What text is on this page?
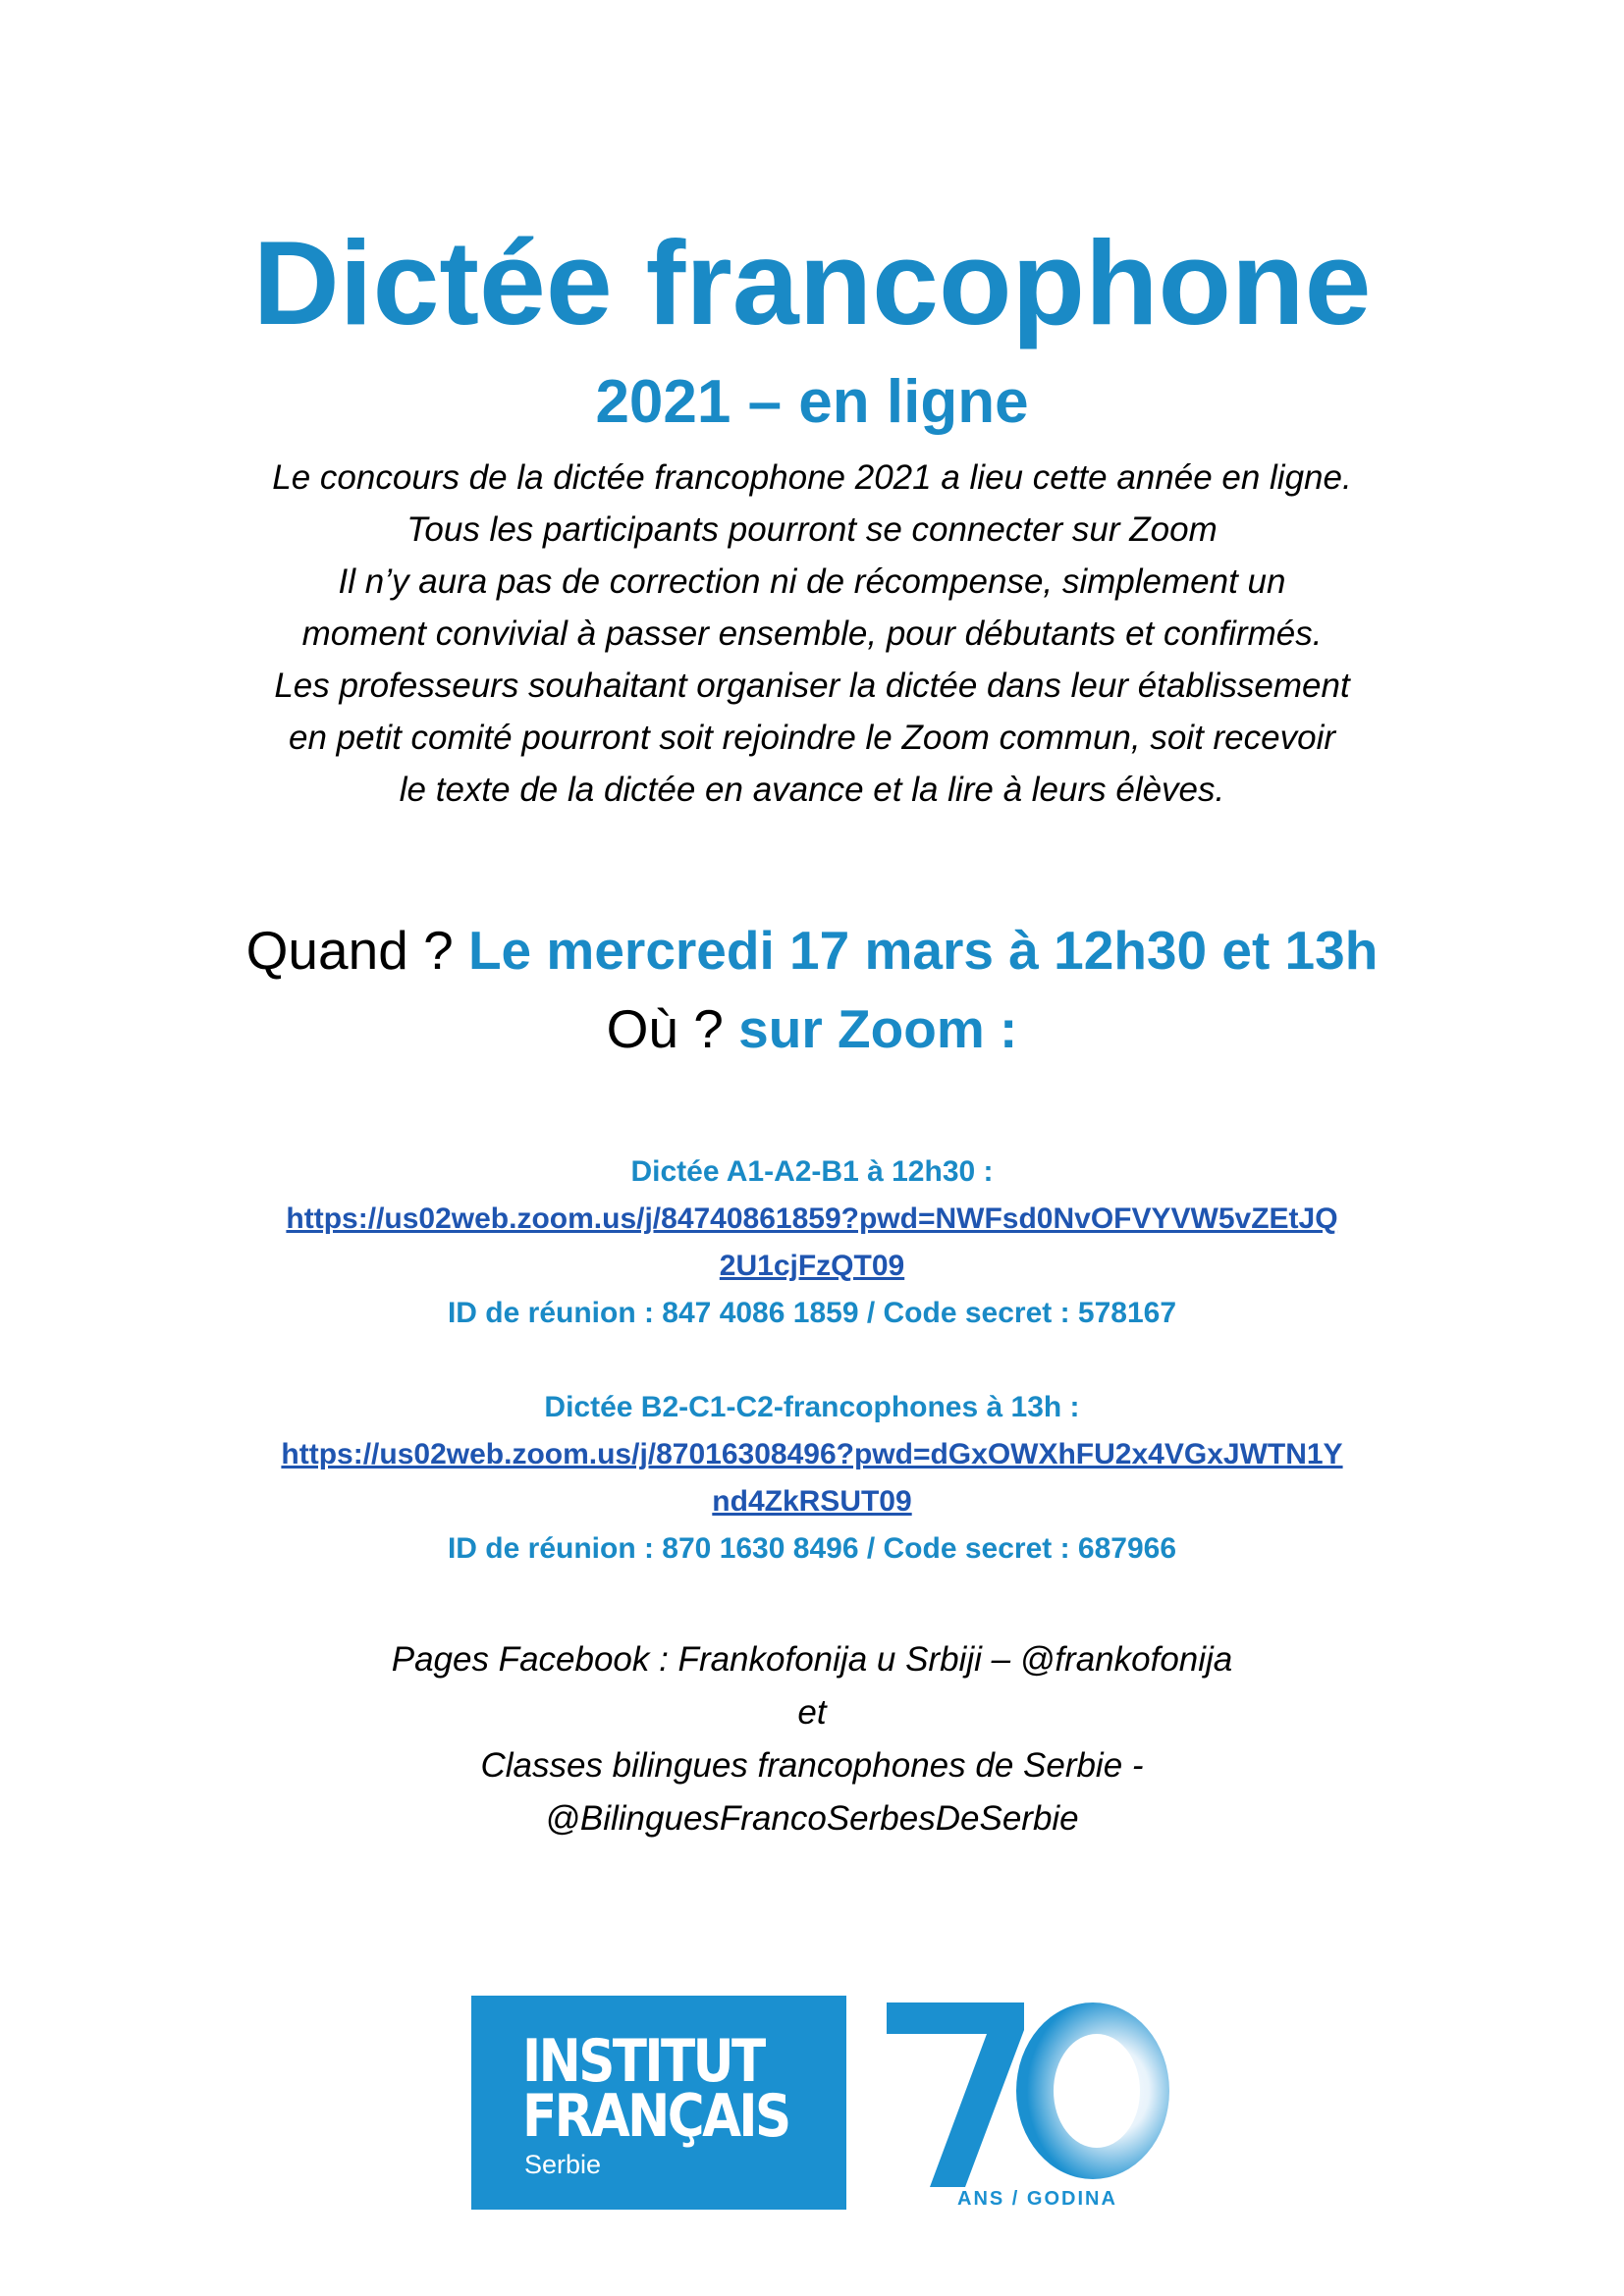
Dictée francophone
2021 – en ligne
Le concours de la dictée francophone 2021 a lieu cette année en ligne.
Tous les participants pourront se connecter sur Zoom
Il n’y aura pas de correction ni de récompense, simplement un
moment convivial à passer ensemble, pour débutants et confirmés.
Les professeurs souhaitant organiser la dictée dans leur établissement
en petit comité pourront soit rejoindre le Zoom commun, soit recevoir
le texte de la dictée en avance et la lire à leurs élèves.
Quand ? Le mercredi 17 mars à 12h30 et 13h
Où ? sur Zoom :
Dictée A1-A2-B1 à 12h30 :
https://us02web.zoom.us/j/84740861859?pwd=NWFsd0NvOFVYVW5vZEtJQ
2U1cjFzQT09
ID de réunion : 847 4086 1859 / Code secret : 578167
Dictée B2-C1-C2-francophones à 13h :
https://us02web.zoom.us/j/87016308496?pwd=dGxOWXhFU2x4VGxJWTN1Y
nd4ZkRSUT09
ID de réunion : 870 1630 8496 / Code secret : 687966
Pages Facebook : Frankofonija u Srbiji – @frankofonija
et
Classes bilingues francophones de Serbie -
@BilinguesFrancoSerbesDeSerbie
INSTITUT
FRANÇAIS
Serbie
70
ANS / GODINA
